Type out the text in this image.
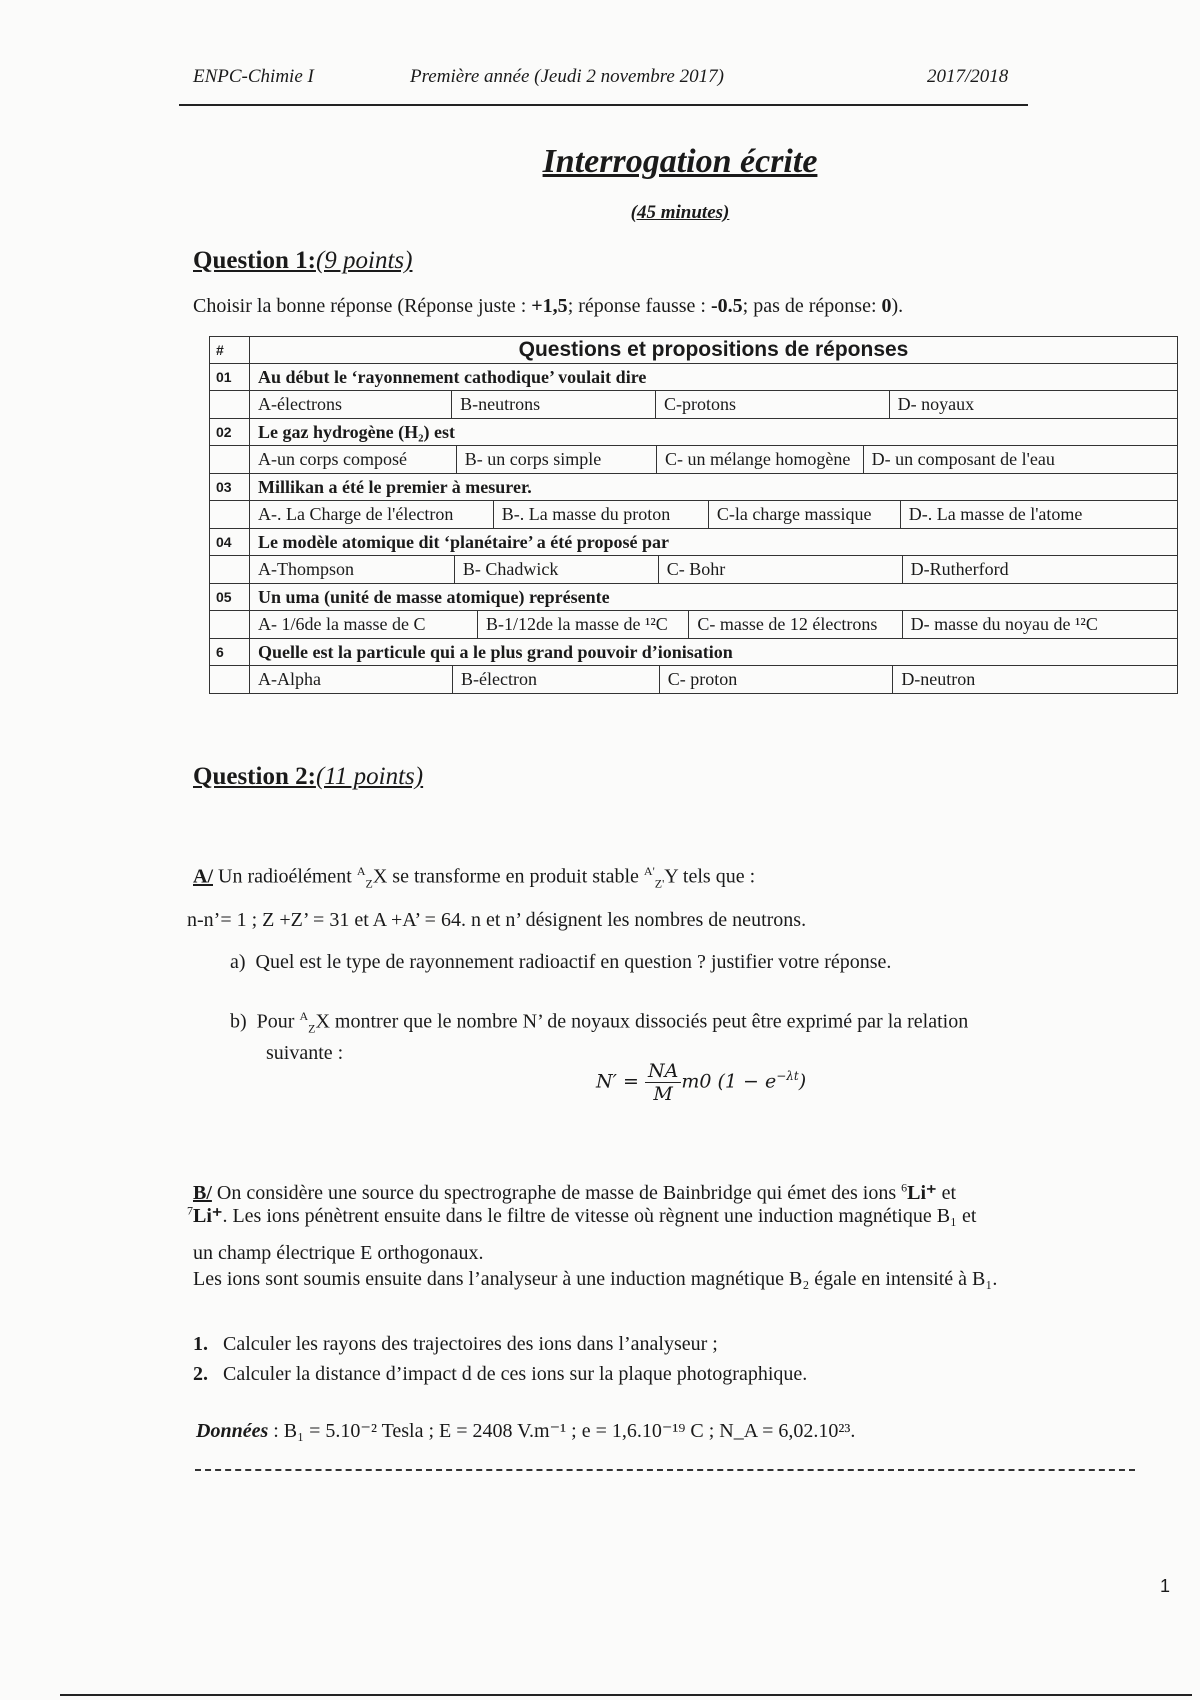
ENPC-Chimie I	Première année (Jeudi 2 novembre 2017)	2017/2018
Interrogation écrite
(45 minutes)
Question 1:(9 points)
Choisir la bonne réponse (Réponse juste : +1,5; réponse fausse : -0.5; pas de réponse: 0).
#	Questions et propositions de réponses
01	Au début le ‘rayonnement cathodique’ voulait dire

A-électrons B-neutrons C-protons D- noyaux

02	Le gaz hydrogène (H₂) est

A-un corps composé B- un corps simple C- un mélange homogène D- un composant de l'eau

03	Millikan a été le premier à mesurer.

A-. La Charge de l'électron B-. La masse du proton C-la charge massique D-. La masse de l'atome

04	Le modèle atomique dit ‘planétaire’ a été proposé par

A-Thompson B- Chadwick C- Bohr D-Rutherford

05	Un uma (unité de masse atomique) représente

A- 1/6de la masse de C B-1/12de la masse de ¹²C C- masse de 12 électrons D- masse du noyau de ¹²C

6	Quelle est la particule qui a le plus grand pouvoir d’ionisation

A-Alpha B-électron C- proton D-neutron
Question 2:(11 points)
A/ Un radioélément $^A_Z$X se transforme en produit stable $^{A'}_{Z'}$Y tels que :
n-n’= 1 ; Z +Z’ = 31 et A +A’ = 64. n et n’ désignent les nombres de neutrons.
a) Quel est le type de rayonnement radioactif en question ? justifier votre réponse.
b) Pour $^A_Z$X montrer que le nombre N’ de noyaux dissociés peut être exprimé par la relation
suivante :
$N' = \frac{NA}{M} m0$ $(1 - e^{-\lambda t})$
B/ On considère une source du spectrographe de masse de Bainbridge qui émet des ions $^6$Li⁺ et
$^7$Li⁺. Les ions pénètrent ensuite dans le filtre de vitesse où règnent une induction magnétique B₁ et
un champ électrique E orthogonaux.
Les ions sont soumis ensuite dans l’analyseur à une induction magnétique B₂ égale en intensité à B₁.
1. Calculer les rayons des trajectoires des ions dans l’analyseur ;
2. Calculer la distance d’impact d de ces ions sur la plaque photographique.
Données : B₁ = 5.10⁻² Tesla ; E = 2408 V.m⁻¹ ; e = 1,6.10⁻¹⁹ C ; N_A = 6,02.10²³.
1
